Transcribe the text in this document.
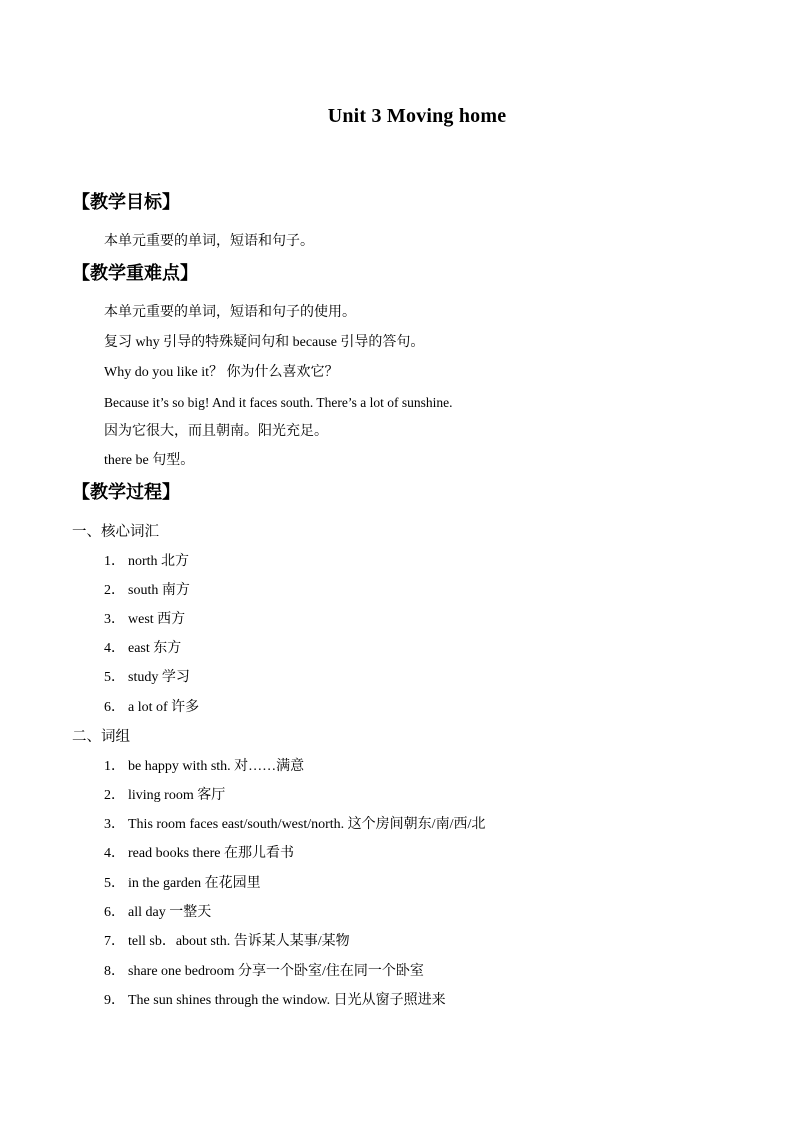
Unit 3 Moving home
【教学目标】
本单元重要的单词，短语和句子。
【教学重难点】
本单元重要的单词，短语和句子的使用。
复习 why 引导的特殊疑问句和 because 引导的答句。
Why do you like it？ 你为什么喜欢它？
Because it’s so big! And it faces south. There’s a lot of sunshine.
因为它很大，而且朝南。阳光充足。
there be 句型。
【教学过程】
一、核心词汇
1． north 北方
2． south 南方
3． west 西方
4． east 东方
5． study 学习
6． a lot of 许多
二、词组
1． be happy with sth. 对……满意
2． living room 客厅
3． This room faces east/south/west/north. 这个房间朝东/南/西/北
4． read books there 在那儿看书
5． in the garden 在花园里
6． all day 一整天
7． tell sb．about sth. 告诉某人某事/某物
8． share one bedroom 分享一个卧室/住在同一个卧室
9． The sun shines through the window. 日光从窗子照进来
